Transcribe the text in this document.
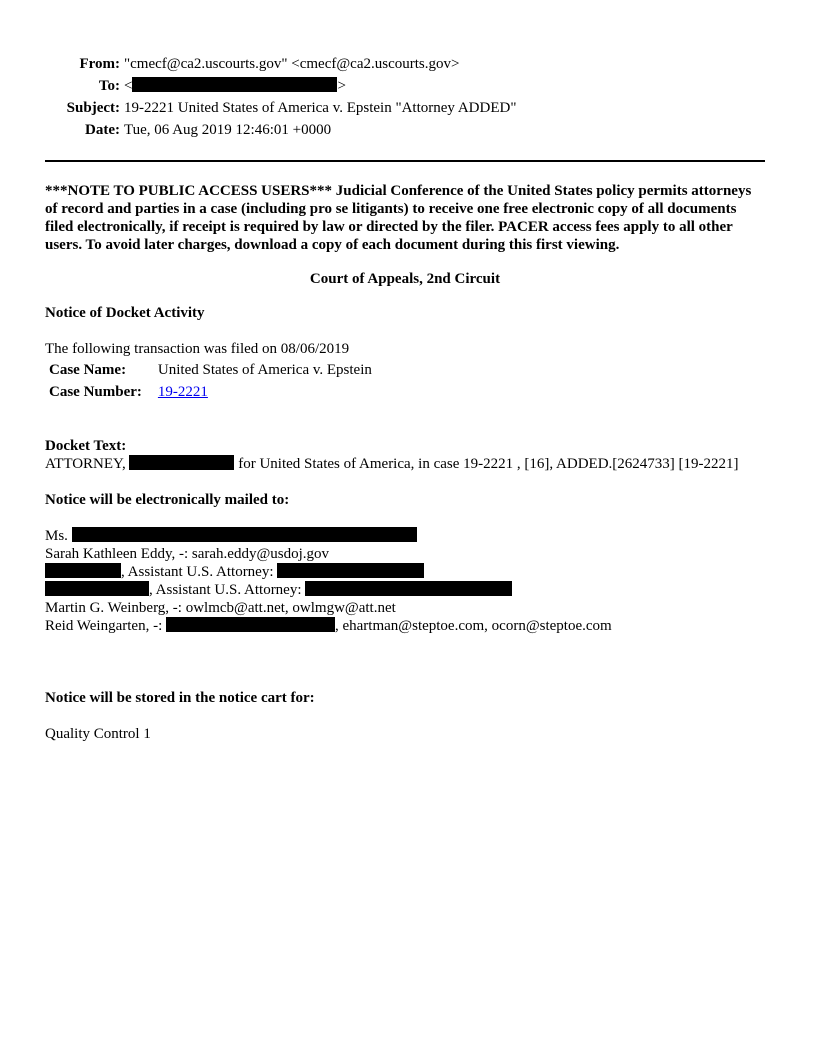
From: "cmecf@ca2.uscourts.gov" <cmecf@ca2.uscourts.gov>
To: <	>
Subject: 19-2221 United States of America v. Epstein "Attorney ADDED"
Date: Tue, 06 Aug 2019 12:46:01 +0000

***NOTE TO PUBLIC ACCESS USERS*** Judicial Conference of the United States policy permits attorneys of record and parties in a case (including pro se litigants) to receive one free electronic copy of all documents filed electronically, if receipt is required by law or directed by the filer. PACER access fees apply to all other users. To avoid later charges, download a copy of each document during this first viewing.

Court of Appeals, 2nd Circuit
Notice of Docket Activity
The following transaction was filed on 08/06/2019
Case Name:	United States of America v. Epstein
Case Number:	19-2221
Docket Text:
ATTORNEY,	for United States of America, in case 19-2221 , [16], ADDED.[2624733] [19-2221]
Notice will be electronically mailed to:
Ms.
Sarah Kathleen Eddy, -: sarah.eddy@usdoj.gov
, Assistant U.S. Attorney:
, Assistant U.S. Attorney:
Martin G. Weinberg, -: owlmcb@att.net, owlmgw@att.net
Reid Weingarten, -:	, ehartman@steptoe.com, ocorn@steptoe.com
Notice will be stored in the notice cart for:
Quality Control 1
